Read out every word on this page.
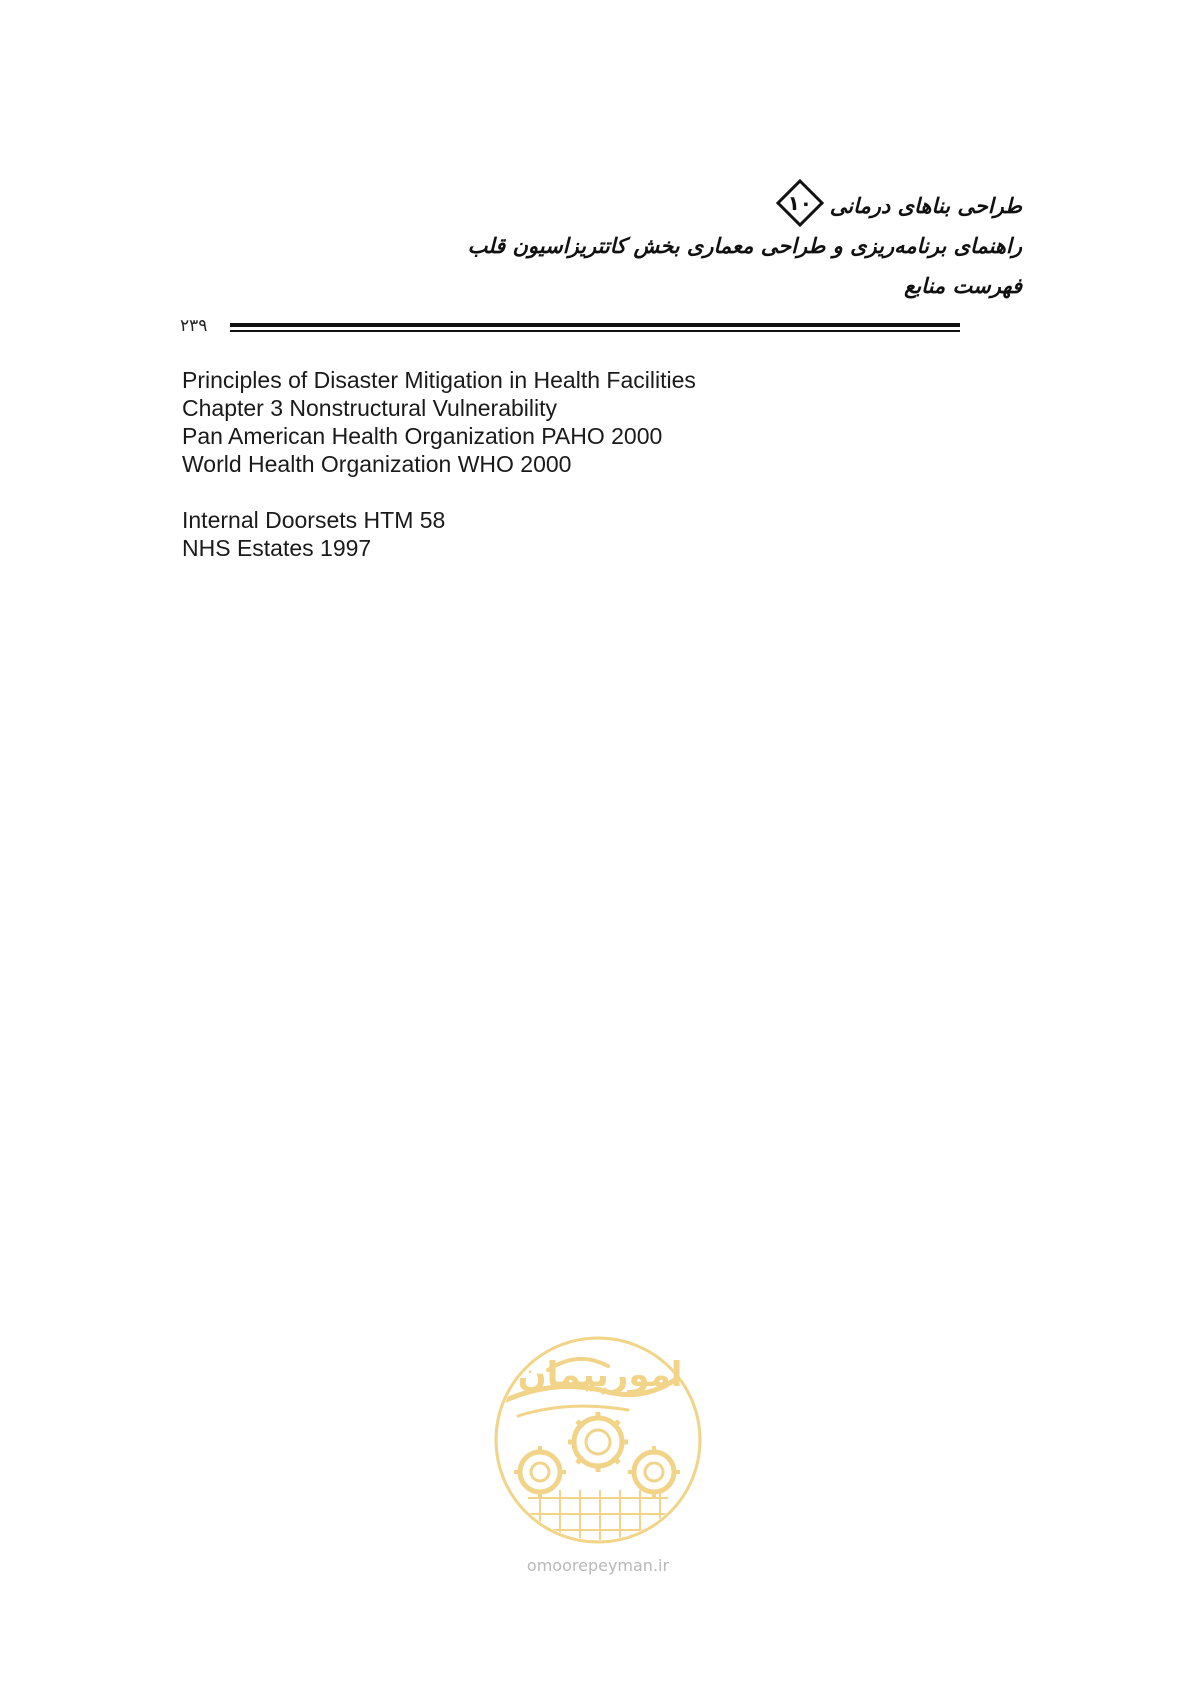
طراحی بناهای درمانی
۱۰
راهنمای برنامه‌ریزی و طراحی معماری بخش کاتتریزاسیون قلب
فهرست منابع
۲۳۹
Principles of Disaster Mitigation in Health Facilities
Chapter 3 Nonstructural Vulnerability
Pan American Health Organization PAHO 2000
World Health Organization WHO 2000
Internal Doorsets HTM 58
NHS Estates 1997
امورپیمان
omoorepeyman.ir
